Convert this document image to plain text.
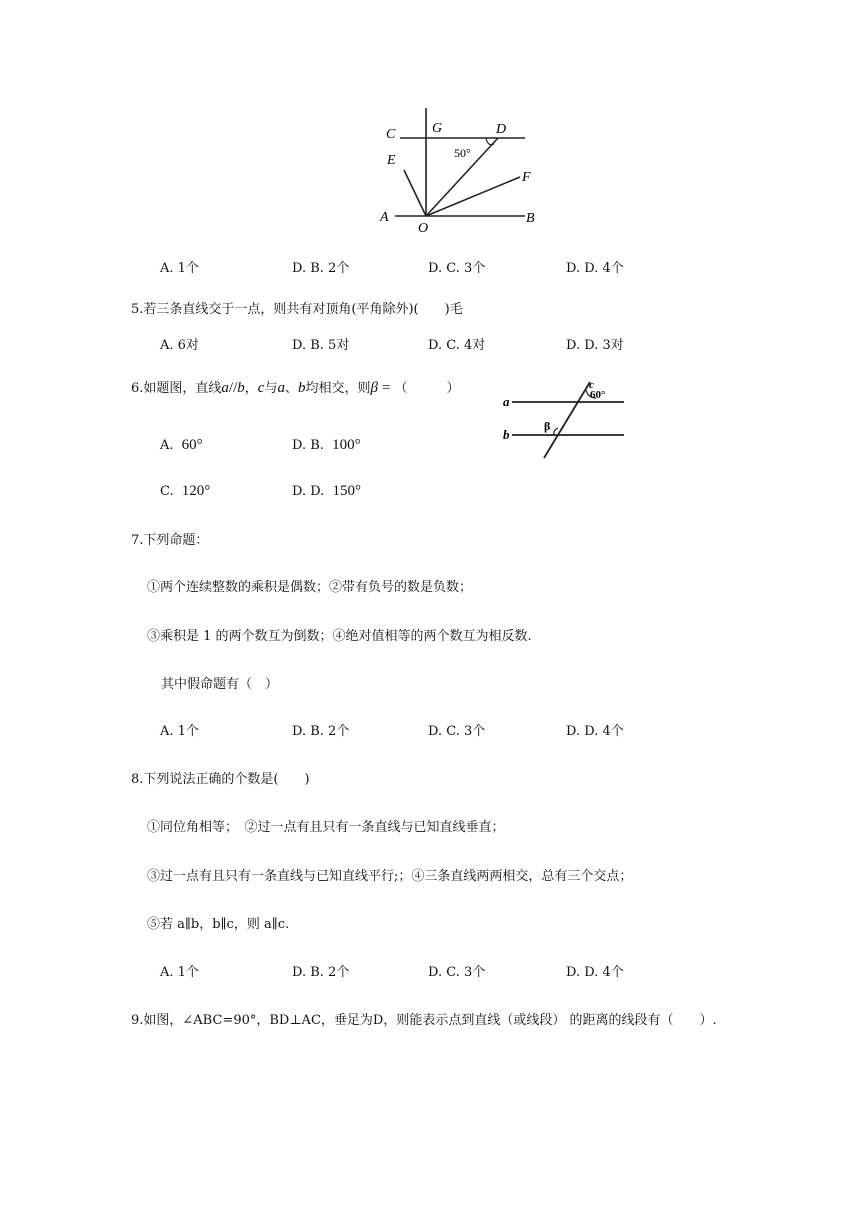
C	G	D
E
F
A
O
B
50°
A. 1个	D. B. 2个	D. C. 3个	D. D. 4个
5.若三条直线交于一点，则共有对顶角(平角除外)(　　)毛
A. 6对	D. B. 5对	D. C. 4对	D. D. 3对
6.如题图，直线a//b，c与a、b均相交，则β = （　　　）	c
a
b
β
60°
A. 60°	D. B. 100°
C. 120°	D. D. 150°
7.下列命题：
①两个连续整数的乘积是偶数；②带有负号的数是负数；
③乘积是 1 的两个数互为倒数；④绝对值相等的两个数互为相反数.
其中假命题有（　）
A. 1个	D. B. 2个	D. C. 3个	D. D. 4个
8.下列说法正确的个数是(　　)
①同位角相等；　②过一点有且只有一条直线与已知直线垂直；
③过一点有且只有一条直线与已知直线平行;；④三条直线两两相交，总有三个交点；
⑤若 a∥b，b∥c，则 a∥c.
A. 1个	D. B. 2个	D. C. 3个	D. D. 4个
9.如图，∠ABC=90°，BD⊥AC，垂足为D，则能表示点到直线（或线段） 的距离的线段有（　　）.
